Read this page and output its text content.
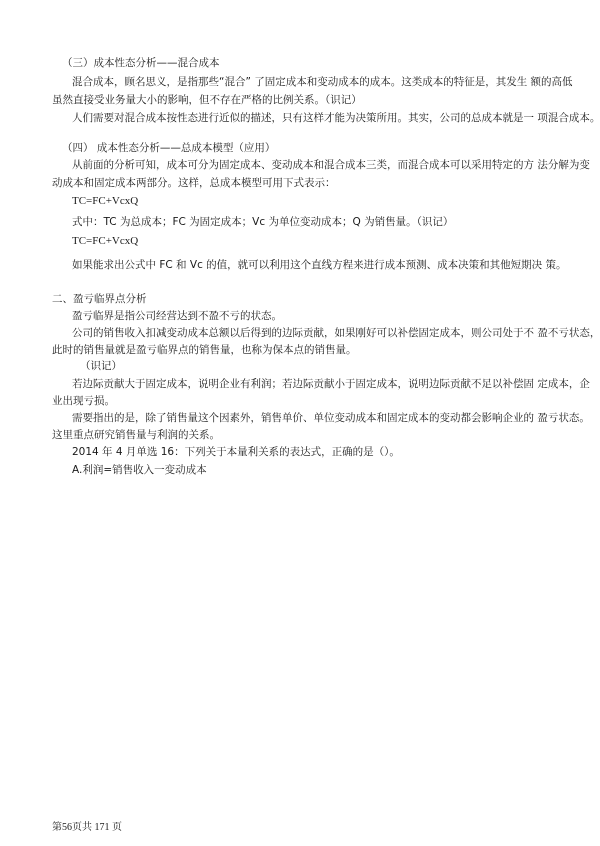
（三）成本性态分析——混合成本

混合成本，顾名思义，是指那些“混合” 了固定成本和变动成本的成本。这类成本的特征是，其发生 额的高低

虽然直接受业务量大小的影响，但不存在严格的比例关系。（识记）

人们需要对混合成本按性态进行近似的描述，只有这样才能为决策所用。其实，公司的总成本就是一 项混合成本。

（四） 成本性态分析——总成本模型（应用）

从前面的分析可知，成本可分为固定成本、变动成本和混合成本三类，而混合成本可以采用特定的方 法分解为变

动成本和固定成本两部分。这样，总成本模型可用下式表示：

TC=FC+VcxQ

式中：TC 为总成本；FC 为固定成本；Vc 为单位变动成本；Q 为销售量。（识记）

TC=FC+VcxQ

如果能求出公式中 FC 和 Vc 的值，就可以利用这个直线方程来进行成本预测、成本决策和其他短期决 策。

二、盈亏临界点分析

盈亏临界是指公司经营达到不盈不亏的状态。

公司的销售收入扣减变动成本总额以后得到的边际贡献，如果刚好可以补偿固定成本，则公司处于不 盈不亏状态，

此时的销售量就是盈亏临界点的销售量，也称为保本点的销售量。

（识记）

若边际贡献大于固定成本，说明企业有利润；若边际贡献小于固定成本，说明边际贡献不足以补偿固 定成本，企

业出现亏损。

需要指出的是，除了销售量这个因素外，销售单价、单位变动成本和固定成本的变动都会影响企业的 盈亏状态。

这里重点研究销售量与利润的关系。

2014 年 4 月单选 16：下列关于本量利关系的表达式，正确的是（）。

A.利润=销售收入一变动成本

第56页共 171 页
